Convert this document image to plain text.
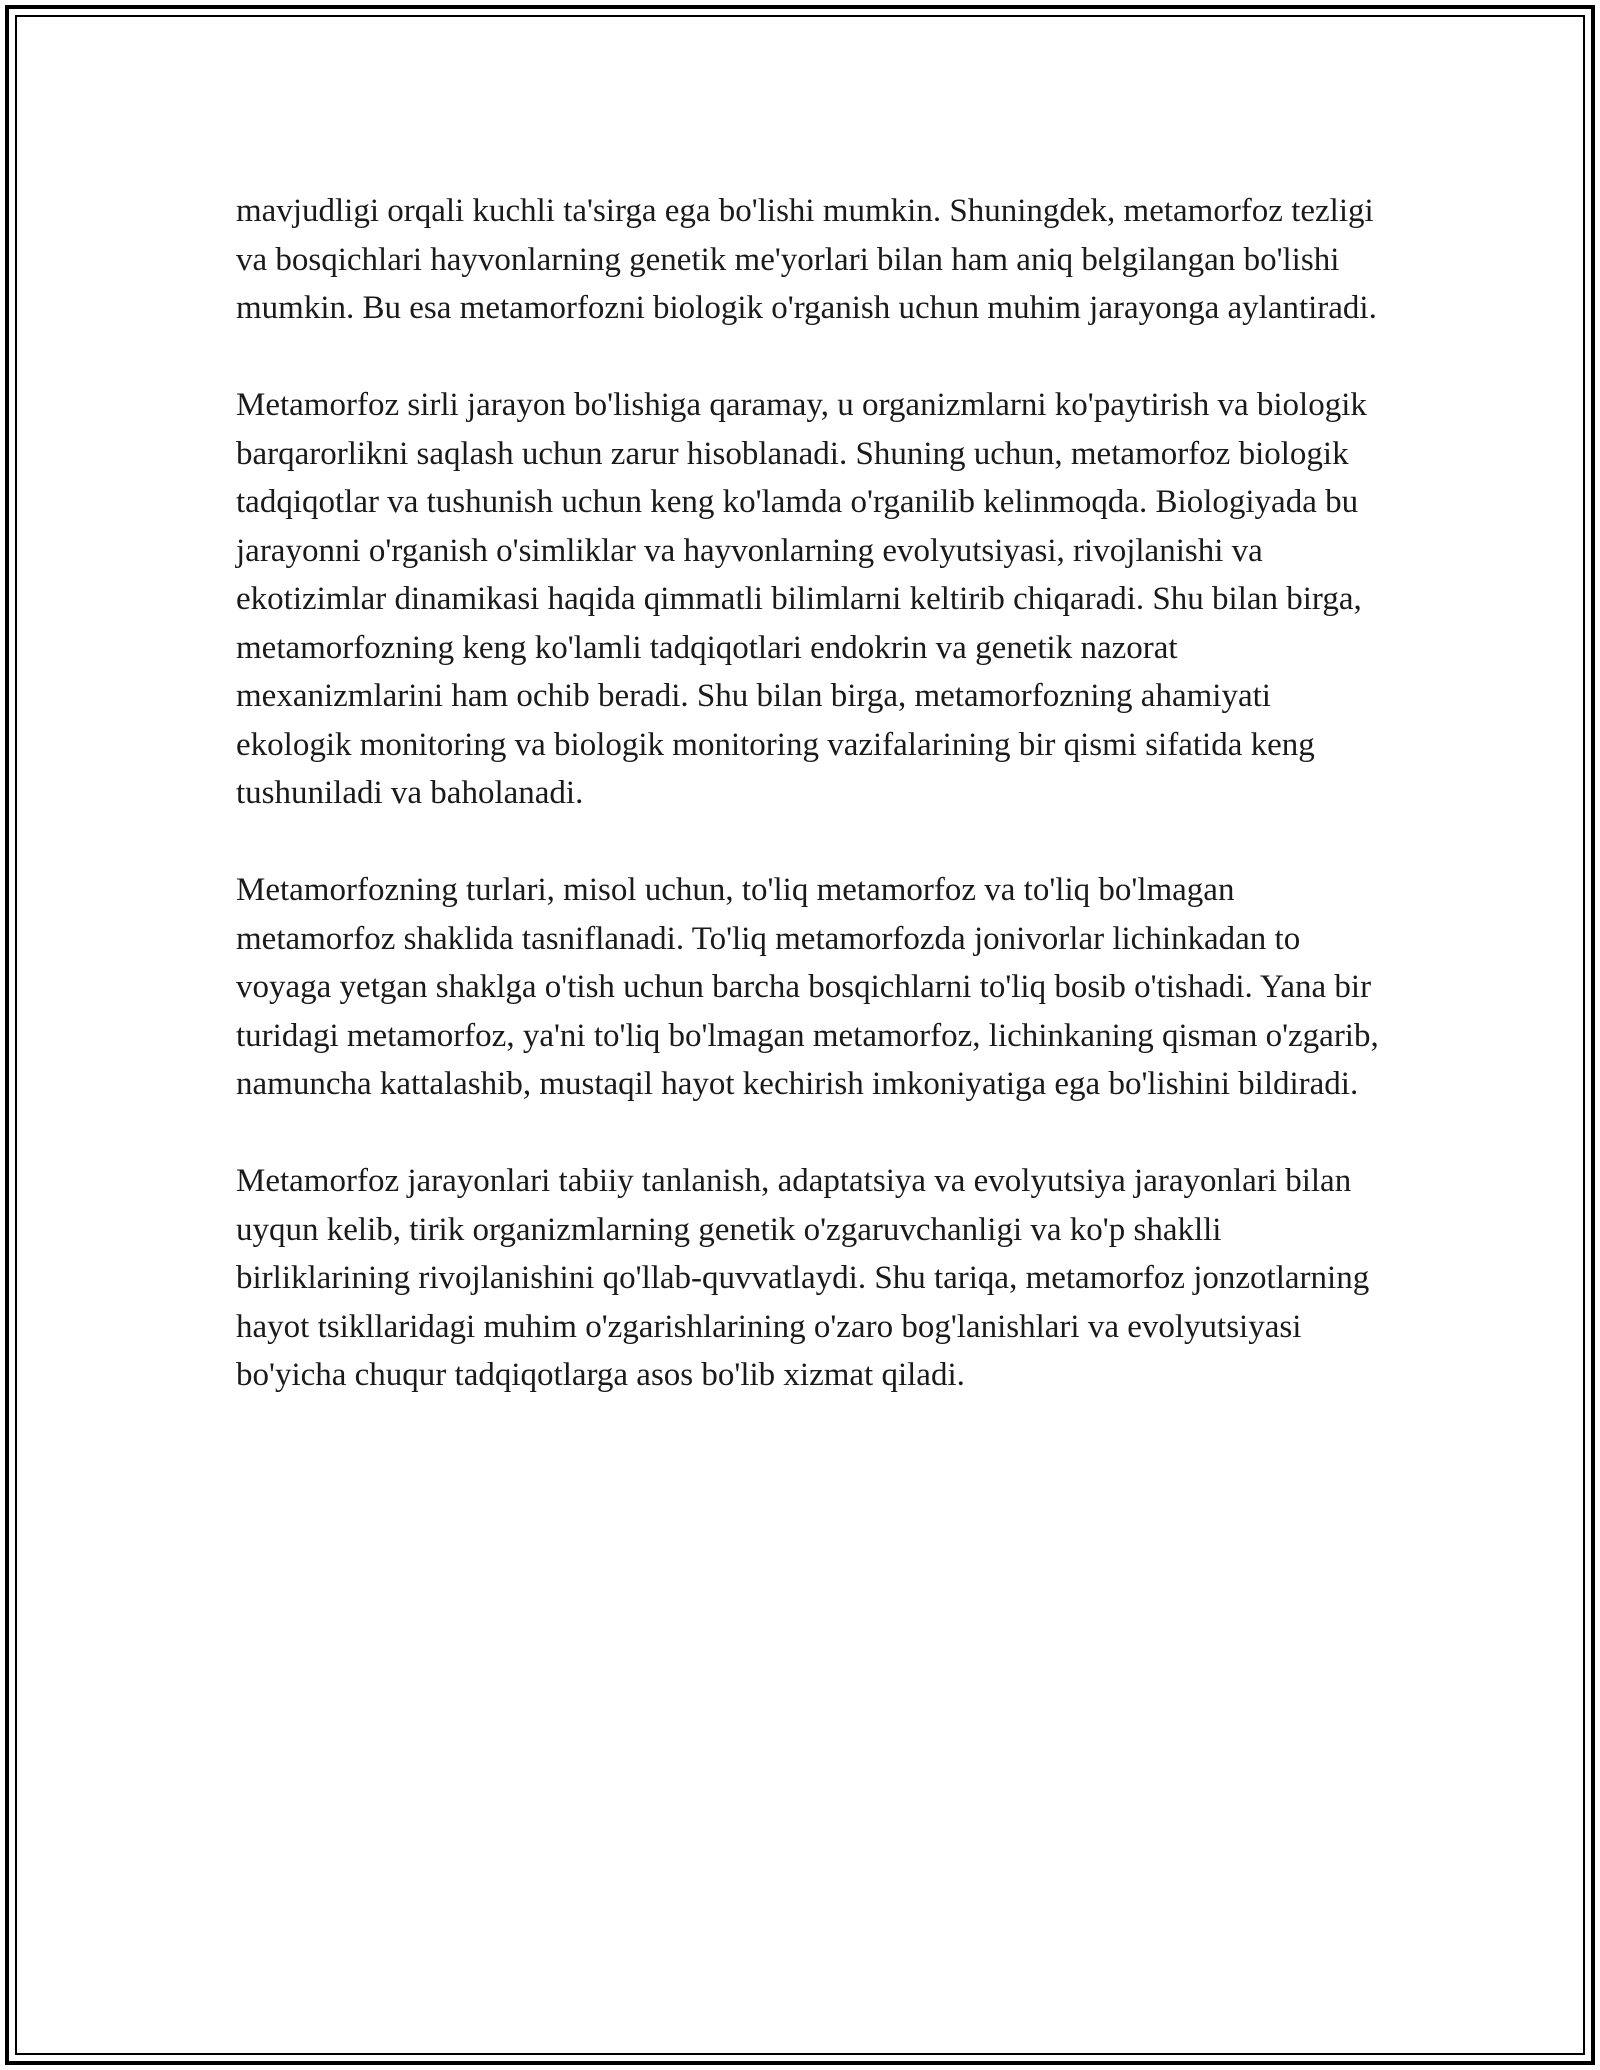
mavjudligi orqali kuchli ta'sirga ega bo'lishi mumkin. Shuningdek, metamorfoz tezligi va bosqichlari hayvonlarning genetik me'yorlari bilan ham aniq belgilangan bo'lishi mumkin. Bu esa metamorfozni biologik o'rganish uchun muhim jarayonga aylantiradi.

Metamorfoz sirli jarayon bo'lishiga qaramay, u organizmlarni ko'paytirish va biologik barqarorlikni saqlash uchun zarur hisoblanadi. Shuning uchun, metamorfoz biologik tadqiqotlar va tushunish uchun keng ko'lamda o'rganilib kelinmoqda. Biologiyada bu jarayonni o'rganish o'simliklar va hayvonlarning evolyutsiyasi, rivojlanishi va ekotizimlar dinamikasi haqida qimmatli bilimlarni keltirib chiqaradi. Shu bilan birga, metamorfozning keng ko'lamli tadqiqotlari endokrin va genetik nazorat mexanizmlarini ham ochib beradi. Shu bilan birga, metamorfozning ahamiyati ekologik monitoring va biologik monitoring vazifalarining bir qismi sifatida keng tushuniladi va baholanadi.

Metamorfozning turlari, misol uchun, to'liq metamorfoz va to'liq bo'lmagan metamorfoz shaklida tasniflanadi. To'liq metamorfozda jonivorlar lichinkadan to voyaga yetgan shaklga o'tish uchun barcha bosqichlarni to'liq bosib o'tishadi. Yana bir turidagi metamorfoz, ya'ni to'liq bo'lmagan metamorfoz, lichinkaning qisman o'zgarib, namuncha kattalashib, mustaqil hayot kechirish imkoniyatiga ega bo'lishini bildiradi.

Metamorfoz jarayonlari tabiiy tanlanish, adaptatsiya va evolyutsiya jarayonlari bilan uyqun kelib, tirik organizmlarning genetik o'zgaruvchanligi va ko'p shaklli birliklarining rivojlanishini qo'llab-quvvatlaydi. Shu tariqa, metamorfoz jonzotlarning hayot tsikllaridagi muhim o'zgarishlarining o'zaro bog'lanishlari va evolyutsiyasi bo'yicha chuqur tadqiqotlarga asos bo'lib xizmat qiladi.
